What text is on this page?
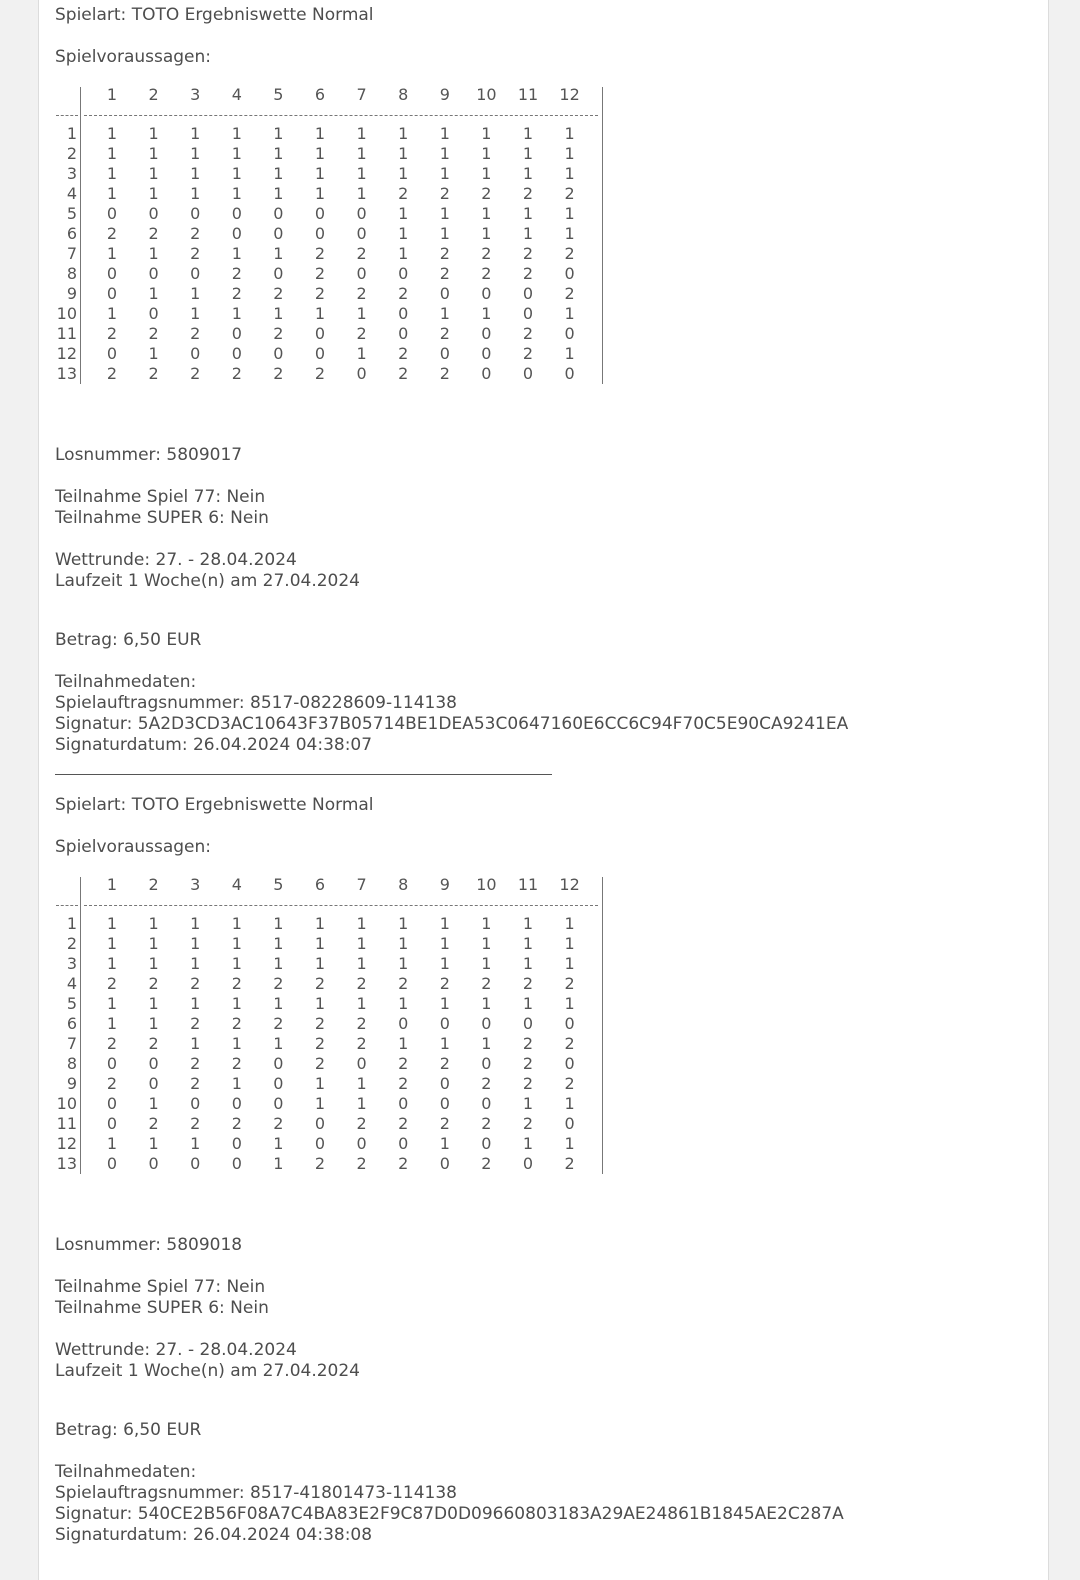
Spielart: TOTO Ergebniswette Normal
Spielvoraussagen:
1	2	3	4	5	6	7	8	9	10 11 12
1	1	1	1	1	1	1	1	1	1	1	1	1
2	1	1	1	1	1	1	1	1	1	1	1	1
3	1	1	1	1	1	1	1	1	1	1	1	1
4	1	1	1	1	1	1	1	2	2	2	2	2
5	0	0	0	0	0	0	0	1	1	1	1	1
6	2	2	2	0	0	0	0	1	1	1	1	1
7	1	1	2	1	1	2	2	1	2	2	2	2
8	0	0	0	2	0	2	0	0	2	2	2	0
9	0	1	1	2	2	2	2	2	0	0	0	2
10	1	0	1	1	1	1	1	0	1	1	0	1
11	2	2	2	0	2	0	2	0	2	0	2	0
12	0	1	0	0	0	0	1	2	0	0	2	1
13	2	2	2	2	2	2	0	2	2	0	0	0
Losnummer: 5809017
Teilnahme Spiel 77: Nein
Teilnahme SUPER 6: Nein
Wettrunde: 27. - 28.04.2024
Laufzeit 1 Woche(n) am 27.04.2024
Betrag: 6,50 EUR
Teilnahmedaten:
Spielauftragsnummer: 8517-08228609-114138
Signatur: 5A2D3CD3AC10643F37B05714BE1DEA53C0647160E6CC6C94F70C5E90CA9241EA
Signaturdatum: 26.04.2024 04:38:07
Spielart: TOTO Ergebniswette Normal
Spielvoraussagen:
1	2	3	4	5	6	7	8	9	10 11 12
1	1	1	1	1	1	1	1	1	1	1	1	1
2	1	1	1	1	1	1	1	1	1	1	1	1
3	1	1	1	1	1	1	1	1	1	1	1	1
4	2	2	2	2	2	2	2	2	2	2	2	2
5	1	1	1	1	1	1	1	1	1	1	1	1
6	1	1	2	2	2	2	2	0	0	0	0	0
7	2	2	1	1	1	2	2	1	1	1	2	2
8	0	0	2	2	0	2	0	2	2	0	2	0
9	2	0	2	1	0	1	1	2	0	2	2	2
10	0	1	0	0	0	1	1	0	0	0	1	1
11	0	2	2	2	2	0	2	2	2	2	2	0
12	1	1	1	0	1	0	0	0	1	0	1	1
13	0	0	0	0	1	2	2	2	0	2	0	2
Losnummer: 5809018
Teilnahme Spiel 77: Nein
Teilnahme SUPER 6: Nein
Wettrunde: 27. - 28.04.2024
Laufzeit 1 Woche(n) am 27.04.2024
Betrag: 6,50 EUR
Teilnahmedaten:
Spielauftragsnummer: 8517-41801473-114138
Signatur: 540CE2B56F08A7C4BA83E2F9C87D0D09660803183A29AE24861B1845AE2C287A
Signaturdatum: 26.04.2024 04:38:08
